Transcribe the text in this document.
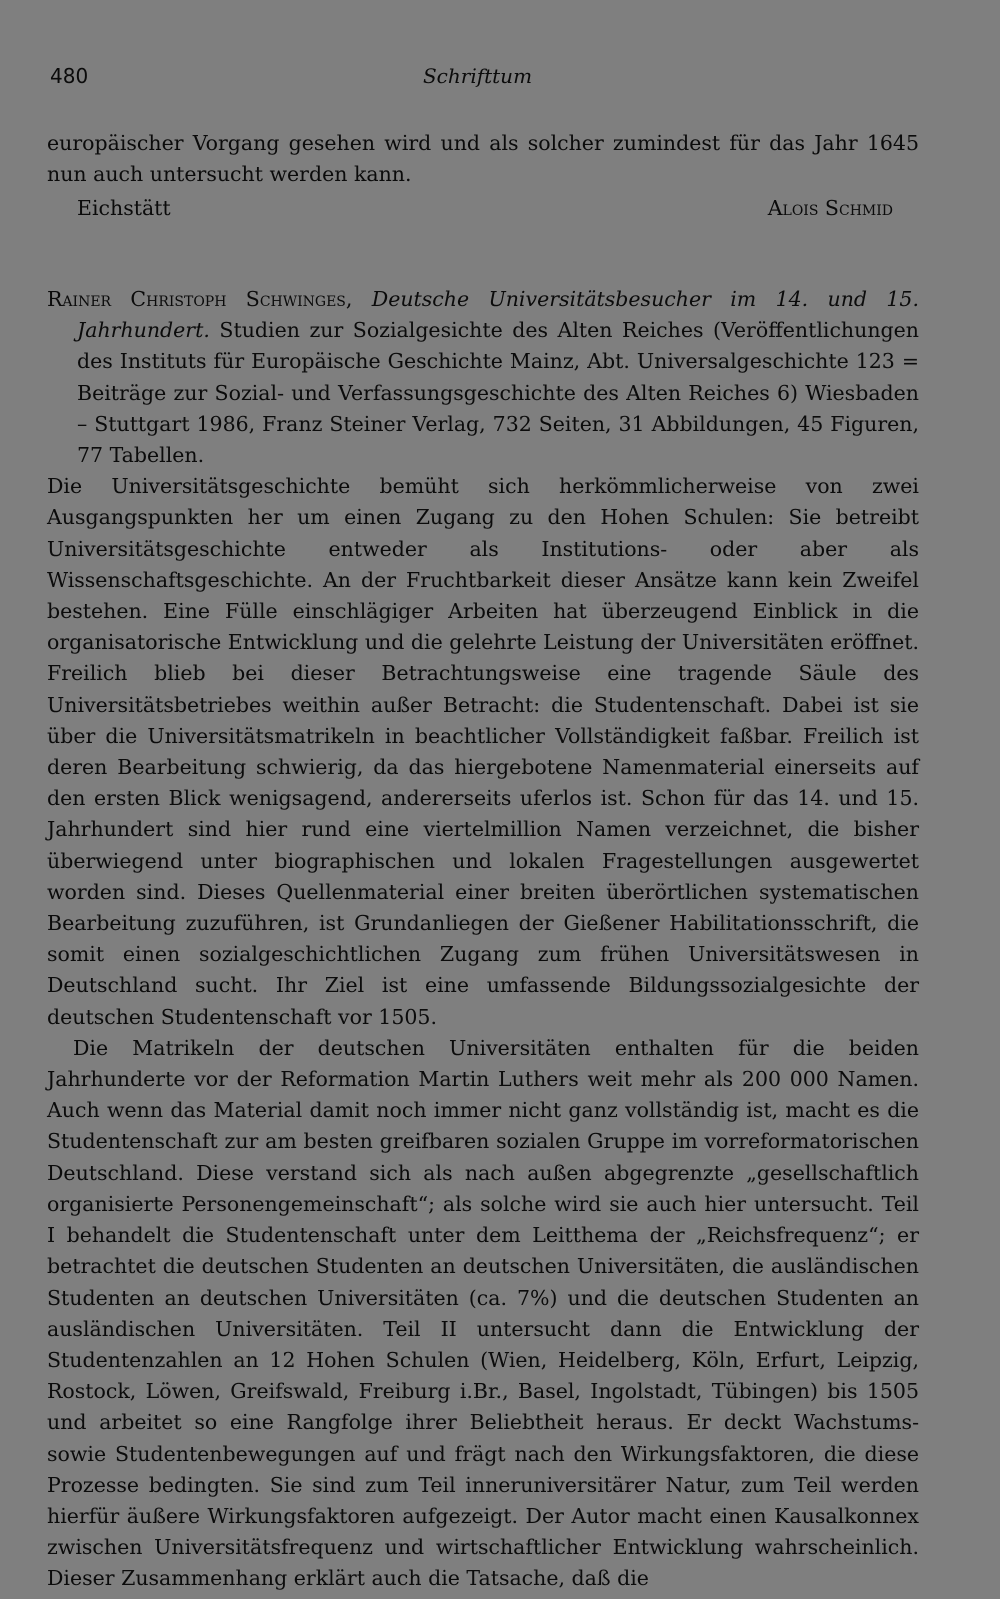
480	Schrifttum

europäischer Vorgang gesehen wird und als solcher zumindest für das Jahr 1645 nun auch untersucht werden kann.

Eichstätt	Alois Schmid

Rainer Christoph Schwinges, Deutsche Universitätsbesucher im 14. und 15. Jahrhundert. Studien zur Sozialgesichte des Alten Reiches (Veröffentlichungen des Instituts für Europäische Geschichte Mainz, Abt. Universalgeschichte 123 = Beiträge zur Sozial- und Verfassungsgeschichte des Alten Reiches 6) Wiesbaden – Stuttgart 1986, Franz Steiner Verlag, 732 Seiten, 31 Abbildungen, 45 Figuren, 77 Tabellen.

Die Universitätsgeschichte bemüht sich herkömmlicherweise von zwei Ausgangspunkten her um einen Zugang zu den Hohen Schulen: Sie betreibt Universitätsgeschichte entweder als Institutions- oder aber als Wissenschaftsgeschichte. An der Fruchtbarkeit dieser Ansätze kann kein Zweifel bestehen. Eine Fülle einschlägiger Arbeiten hat überzeugend Einblick in die organisatorische Entwicklung und die gelehrte Leistung der Universitäten eröffnet. Freilich blieb bei dieser Betrachtungsweise eine tragende Säule des Universitätsbetriebes weithin außer Betracht: die Studentenschaft. Dabei ist sie über die Universitätsmatrikeln in beachtlicher Vollständigkeit faßbar. Freilich ist deren Bearbeitung schwierig, da das hiergebotene Namenmaterial einerseits auf den ersten Blick wenigsagend, andererseits uferlos ist. Schon für das 14. und 15. Jahrhundert sind hier rund eine viertelmillion Namen verzeichnet, die bisher überwiegend unter biographischen und lokalen Fragestellungen ausgewertet worden sind. Dieses Quellenmaterial einer breiten überörtlichen systematischen Bearbeitung zuzuführen, ist Grundanliegen der Gießener Habilitationsschrift, die somit einen sozialgeschichtlichen Zugang zum frühen Universitätswesen in Deutschland sucht. Ihr Ziel ist eine umfassende Bildungssozialgesichte der deutschen Studentenschaft vor 1505.

Die Matrikeln der deutschen Universitäten enthalten für die beiden Jahrhunderte vor der Reformation Martin Luthers weit mehr als 200 000 Namen. Auch wenn das Material damit noch immer nicht ganz vollständig ist, macht es die Studentenschaft zur am besten greifbaren sozialen Gruppe im vorreformatorischen Deutschland. Diese verstand sich als nach außen abgegrenzte „gesellschaftlich organisierte Personengemeinschaft“; als solche wird sie auch hier untersucht. Teil I behandelt die Studentenschaft unter dem Leitthema der „Reichsfrequenz“; er betrachtet die deutschen Studenten an deutschen Universitäten, die ausländischen Studenten an deutschen Universitäten (ca. 7%) und die deutschen Studenten an ausländischen Universitäten. Teil II untersucht dann die Entwicklung der Studentenzahlen an 12 Hohen Schulen (Wien, Heidelberg, Köln, Erfurt, Leipzig, Rostock, Löwen, Greifswald, Freiburg i.Br., Basel, Ingolstadt, Tübingen) bis 1505 und arbeitet so eine Rangfolge ihrer Beliebtheit heraus. Er deckt Wachstums- sowie Studentenbewegungen auf und frägt nach den Wirkungsfaktoren, die diese Prozesse bedingten. Sie sind zum Teil inneruniversitärer Natur, zum Teil werden hierfür äußere Wirkungsfaktoren aufgezeigt. Der Autor macht einen Kausalkonnex zwischen Universitätsfrequenz und wirtschaftlicher Entwicklung wahrscheinlich. Dieser Zusammenhang erklärt auch die Tatsache, daß die
